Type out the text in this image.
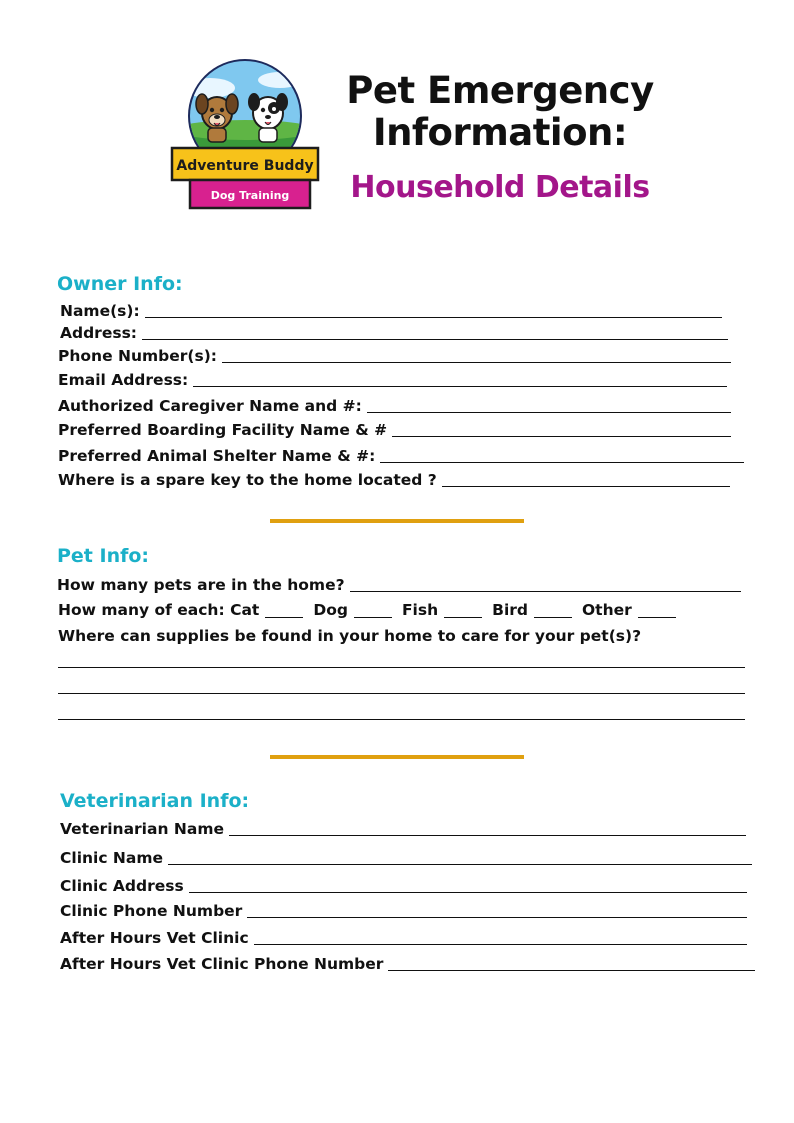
Adventure Buddy
Dog Training
Pet Emergency
Information:
Household Details
Owner Info:
Name(s):
Address:
Phone Number(s):
Email Address:
Authorized Caregiver Name and #:
Preferred Boarding Facility Name & #
Preferred Animal Shelter Name & #:
Where is a spare key to the home located ?
Pet Info:
How many pets are in the home?
How many of each:
Cat	Dog	Fish	Bird	Other

Where can supplies be found in your home to care for your pet(s)?

Veterinarian Info:
Veterinarian Name
Clinic Name
Clinic Address
Clinic Phone Number
After Hours Vet Clinic
After Hours Vet Clinic Phone Number
